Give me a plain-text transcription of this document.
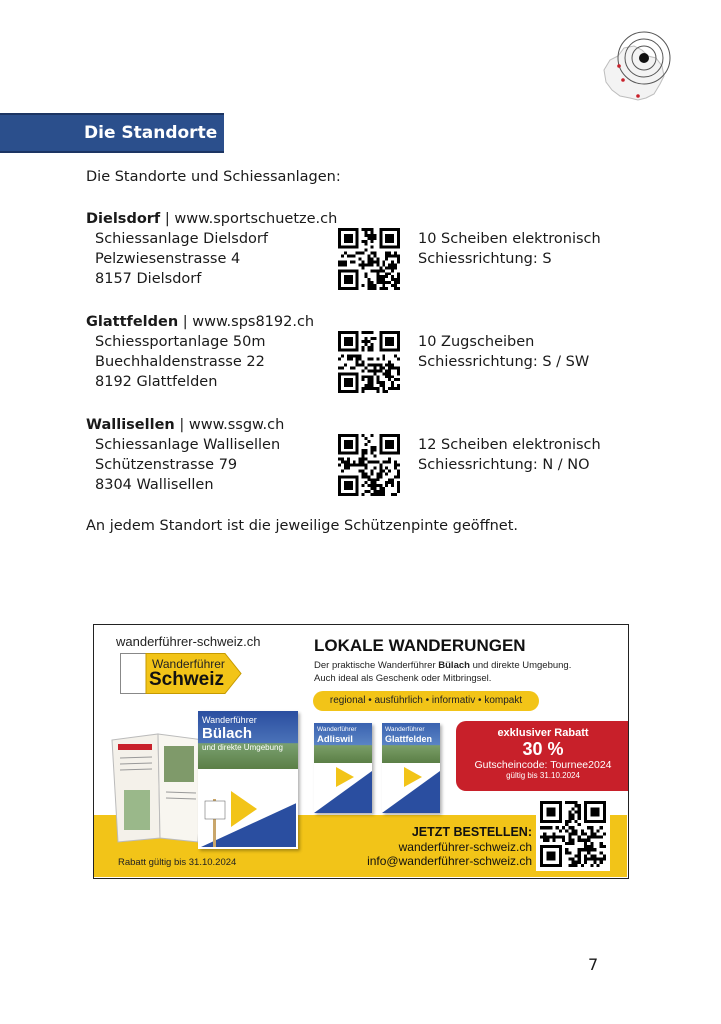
Die Standorte
Die Standorte und Schiessanlagen:
Dielsdorf | www.sportschuetze.ch
Schiessanlage Dielsdorf
Pelzwiesenstrasse 4
8157 Dielsdorf
10 Scheiben elektronisch
Schiessrichtung: S
Glattfelden | www.sps8192.ch
Schiessportanlage 50m
Buechhaldenstrasse 22
8192 Glattfelden
10 Zugscheiben
Schiessrichtung: S / SW
Wallisellen | www.ssgw.ch
Schiessanlage Wallisellen
Schützenstrasse 79
8304 Wallisellen
12 Scheiben elektronisch
Schiessrichtung: N / NO
An jedem Standort ist die jeweilige Schützenpinte geöffnet.
wanderführer-schweiz.ch
Wanderführer
Schweiz
LOKALE WANDERUNGEN
Der praktische Wanderführer Bülach und direkte Umgebung.
Auch ideal als Geschenk oder Mitbringsel.
regional • ausführlich • informativ • kompakt
Wanderführer
Bülach
und direkte Umgebung
Wanderführer
Adliswil
Wanderführer
Glattfelden	exklusiver Rabatt
30 %
Gutscheincode: Tournee2024
gültig bis 31.10.2024
JETZT BESTELLEN:
wanderführer-schweiz.ch
info@wanderführer-schweiz.ch
Rabatt gültig bis 31.10.2024
7
